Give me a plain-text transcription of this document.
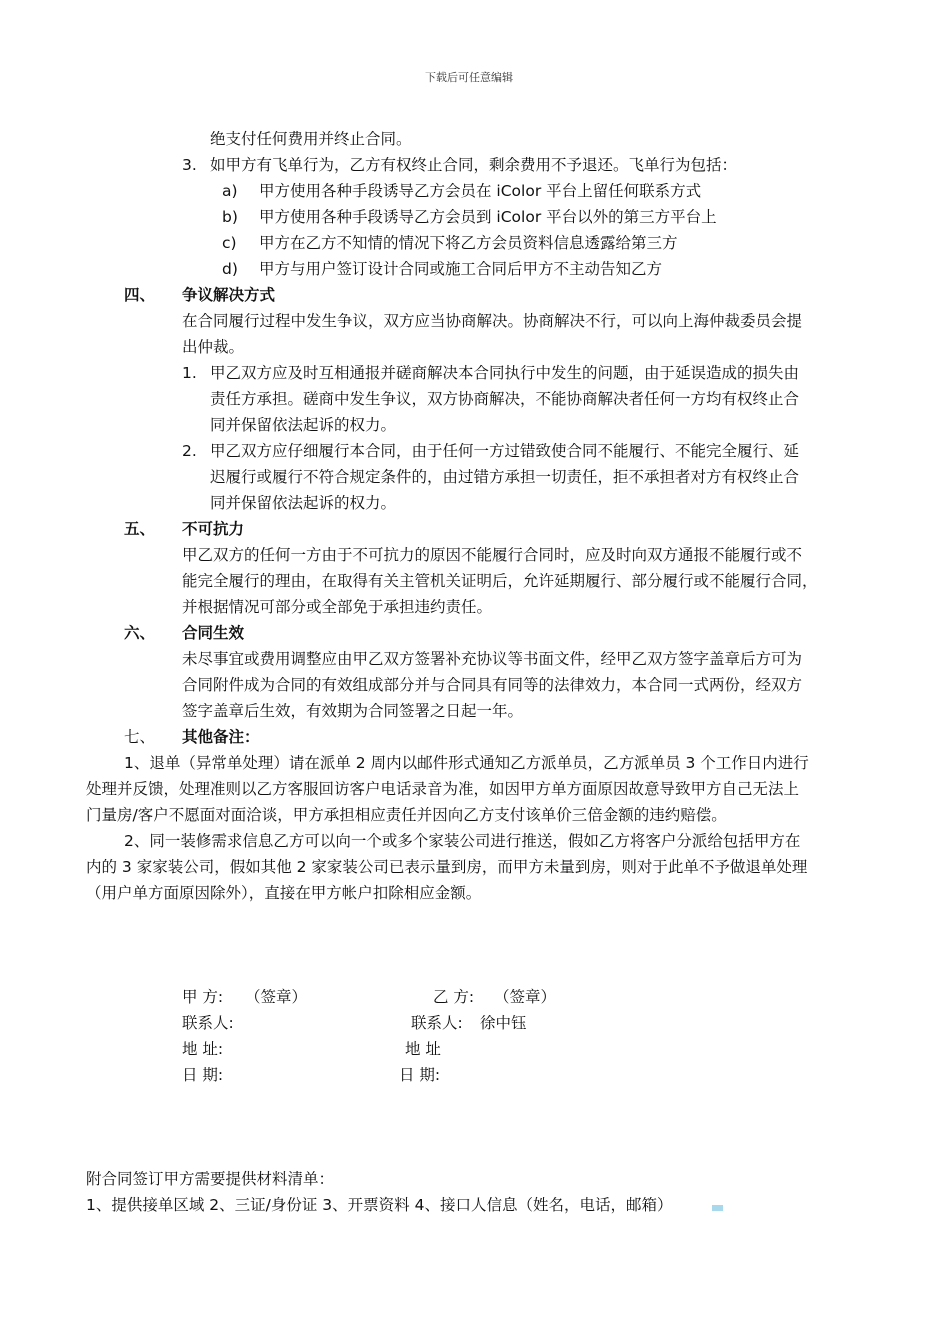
下载后可任意编辑
绝支付任何费用并终止合同。
3. 如甲方有飞单行为，乙方有权终止合同，剩余费用不予退还。飞单行为包括：
a) 甲方使用各种手段诱导乙方会员在 iColor 平台上留任何联系方式
b) 甲方使用各种手段诱导乙方会员到 iColor 平台以外的第三方平台上
c) 甲方在乙方不知情的情况下将乙方会员资料信息透露给第三方
d) 甲方与用户签订设计合同或施工合同后甲方不主动告知乙方
四、 争议解决方式
在合同履行过程中发生争议，双方应当协商解决。协商解决不行，可以向上海仲裁委员会提
出仲裁。
1. 甲乙双方应及时互相通报并磋商解决本合同执行中发生的问题，由于延误造成的损失由
责任方承担。磋商中发生争议，双方协商解决，不能协商解决者任何一方均有权终止合
同并保留依法起诉的权力。
2. 甲乙双方应仔细履行本合同，由于任何一方过错致使合同不能履行、不能完全履行、延
迟履行或履行不符合规定条件的，由过错方承担一切责任，拒不承担者对方有权终止合
同并保留依法起诉的权力。
五、 不可抗力
甲乙双方的任何一方由于不可抗力的原因不能履行合同时，应及时向双方通报不能履行或不
能完全履行的理由，在取得有关主管机关证明后，允许延期履行、部分履行或不能履行合同，
并根据情况可部分或全部免于承担违约责任。
六、 合同生效
未尽事宜或费用调整应由甲乙双方签署补充协议等书面文件，经甲乙双方签字盖章后方可为
合同附件成为合同的有效组成部分并与合同具有同等的法律效力，本合同一式两份，经双方
签字盖章后生效，有效期为合同签署之日起一年。
七、 其他备注：
1、退单（异常单处理）请在派单 2 周内以邮件形式通知乙方派单员，乙方派单员 3 个工作日内进行
处理并反馈，处理准则以乙方客服回访客户电话录音为准，如因甲方单方面原因故意导致甲方自己无法上
门量房/客户不愿面对面洽谈，甲方承担相应责任并因向乙方支付该单价三倍金额的违约赔偿。
2、同一装修需求信息乙方可以向一个或多个家装公司进行推送，假如乙方将客户分派给包括甲方在
内的 3 家家装公司，假如其他 2 家家装公司已表示量到房，而甲方未量到房，则对于此单不予做退单处理
（用户单方面原因除外），直接在甲方帐户扣除相应金额。
甲 方: （签章）
联系人:
地 址:
日 期:
乙 方: （签章）
联系人: 徐中钰
地 址
日 期:
附合同签订甲方需要提供材料清单：
1、提供接单区域 2、三证/身份证 3、开票资料 4、接口人信息（姓名，电话，邮箱）
